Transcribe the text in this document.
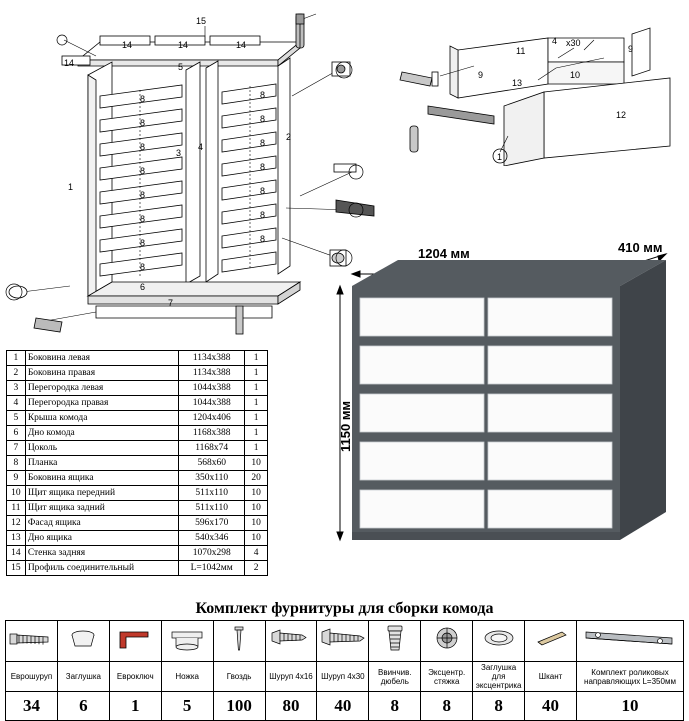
15
14
14	14	14
5
1
2
3
4
6
7
8
8
8
8
8
8
8
8
8
8
8
8
8
8
8
11
4 х30
9
9
13
10
12
1
1204 мм	410 мм
1150 мм
1	Боковина левая	1134х388	1
2	Боковина правая	1134х388	1
3	Перегородка левая	1044х388	1
4	Перегородка правая	1044х388	1
5	Крыша комода	1204х406	1
6	Дно комода	1168х388	1
7	Цоколь	1168х74	1
8	Планка	568х60	10
9	Боковина ящика	350х110	20
10	Щит ящика передний	511х110	10
11	Щит ящика задний	511х110	10
12	Фасад ящика	596х170	10
13	Дно ящика	540х346	10
14	Стенка задняя	1070х298	4
15	Профиль соединительный	L=1042мм	2
Комплект фурнитуры для сборки комода

Еврошуруп	Заглушка	Евроключ	Ножка	Гвоздь	Шуруп 4х16	Шуруп 4х30	Ввинчив. дюбель	Эксцентр. стяжка	Заглушка для эксцентрика	Шкант	Комплект роликовых направляющих L=350мм
34	6	1	5	100	80	40	8	8	8	40	10
